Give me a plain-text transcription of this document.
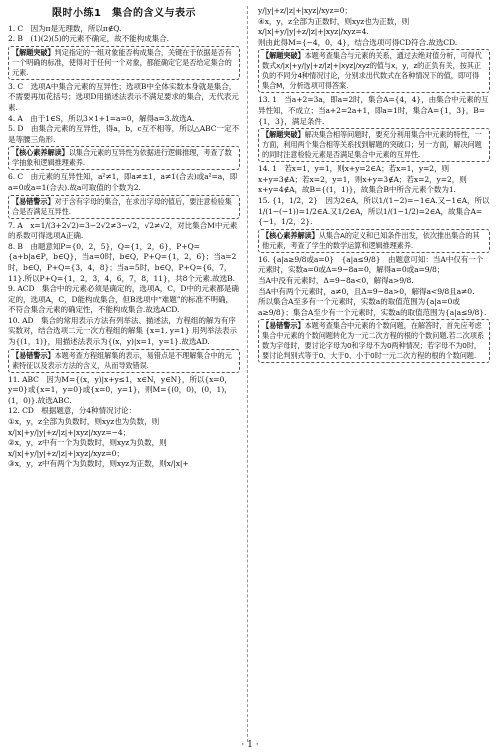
限时小练1　集合的含义与表示

1. C　因为π是无理数，所以π∉Q.

2. B　(1)(2)(5)的元素不确定，故不能构成集合.

【解题突破】判定指定的一组对象能否构成集合，关键在于依据是否有一个明确的标准，使得对于任何一个对象，都能确定它是否给定集合的元素.

3. C　选项A中集合元素的互异性；选项B中全体实数本身就是集合，不需要再加花括号；选项D用描述法表示不满足要求的集合，无代表元素.

4. A　由于1∈S，所以3×1+1=a=0，解得a=3.故选A.

5. D　由集合元素的互异性，得a，b，c互不相等，所以△ABC一定不是等腰三角形.

【核心素养解读】以集合元素的互异性为依据进行逻辑推理，考查了数学抽象和逻辑推理素养.

6. C　由元素的互异性知，a²≠1，即a≠±1，a≠1(合去)或a²=a，即a=0或a=1(合去).故a可取值的个数为2.

【易错警示】对于含有字母的集合，在求出字母的值后，要注意检验集合是否满足互异性.

7. A　x=1/(3+2√2)=3−2√2≠3−√2，√2≠√2，对比集合M中元素的系数可得选项A正确.

8. B　由题意知P={0，2，5}，Q={1，2，6}，P+Q={a+b|a∈P，b∈Q}，当a=0时，b∈Q，P+Q={1，2，6}；当a=2时，b∈Q，P+Q={3，4，8}；当a=5时，b∈Q，P+Q={6，7，11}.所以P+Q={1，2，3，4，6，7，8，11}，共8个元素.故选B.

9. ACD　集合中的元素必须是确定的，选项A，C，D中的元素都是确定的，选项A，C，D能构成集合，但B选项中“难题”的标准不明确，不符合集合元素的确定性，不能构成集合.故选ACD.

10. AD　集合的常用表示方法有列举法、描述法，方程组的解为有序实数对，结合选项二元一次方程组的解集 {x=1, y=1} 用列举法表示为{(1，1)}，用描述法表示为{(x，y)|x=1，y=1}.故选AD.

【易错警示】本题考查方程组解集的表示，易错点是不理解集合中的元素特征以及表示方法的含义，从而导致错误.

11. ABC　因为M={(x，y)|x+y≤1，x∈N，y∈N}，所以{x=0，y=0}或{x=1，y=0}或{x=0，y=1}，则M={(0，0)，(0，1)，(1，0)}.故选ABC.

12. CD　根据题意，分4种情况讨论：

①x，y，z全部为负数时，则xyz也为负数，则x/|x|+y/|y|+z/|z|+|xyz|/xyz=−4；

②x，y，z中有一个为负数时，则xyz为负数，则x/|x|+y/|y|+z/|z|+|xyz|/xyz=0；

③x，y，z中有两个为负数时，则xyz为正数，则x/|x|+

y/|y|+z/|z|+|xyz|/xyz=0；

④x，y，z全部为正数时，则xyz也为正数，则x/|x|+y/|y|+z/|z|+|xyz|/xyz=4.

则由此得M={−4，0，4}，结合选项可得CD符合.故选CD.

【解题突破】本题考查集合与元素的关系，通过去绝对值分析，可得代数式x/|x|+y/|y|+z/|z|+|xyz|/xyz的值与x，y，z的正负有关，按其正负的不同分4种情况讨论，分别求出代数式在各种情况下的值，即可得集合M，分析选项可得答案.

13. 1　当a+2=3a，即a=2时，集合A={4，4}，由集合中元素的互异性知，不成立；当a+2=2a+1，即a=1时，集合A={1，3}，B={1，3}，满足条件.

【解题突破】解决集合相等问题时，要充分利用集合中元素的特性，一方面，利用两个集合相等关系找到解题的突破口；另一方面，解决问题的同时注意检验元素是否满足集合中元素的互异性.

14. 1　若x=1，y=1，则x+y=2∈A；若x=1，y=2，则x+y=3∉A；若x=2，y=1，则x+y=3∉A；若x=2，y=2，则x+y=4∉A，故B={(1，1)}，故集合B中所含元素个数为1.

15. {1，1/2，2}　因为2∈A，所以1/(1−2)=−1∈A.又−1∈A，所以1/(1−(−1))=1/2∈A.又1/2∈A，所以1/(1−1/2)=2∈A，故集合A={−1，1/2，2}.

【核心素养解读】从集合A的定义和已知条件出发，依次推出集合的其他元素，考查了学生的数学运算和逻辑推理素养.

16. {a|a≥9/8或a=0}　{a|a≤9/8}　由题意可知：当A中仅有一个元素时，实数a=0或Δ=9−8a=0，解得a=0或a=9/8；

当A中没有元素时，Δ=9−8a<0，解得a>9/8.

当A中有两个元素时，a≠0，且Δ=9−8a>0，解得a<9/8且a≠0.

所以集合A至多有一个元素时，实数a的取值范围为{a|a=0或a≥9/8}；集合A至少有一个元素时，实数a的取值范围为{a|a≤9/8}.

【易错警示】本题考查集合中元素的个数问题，在解答时，首先应考虑集合中元素的个数问题转化为一元二次方程的根的个数问题.若二次项系数为字母时，要讨论字母为0和字母不为0两种情况；若字母不为0时，要讨论判别式等于0、大于0、小于0时一元二次方程的根的个数问题.
· 1 ·
